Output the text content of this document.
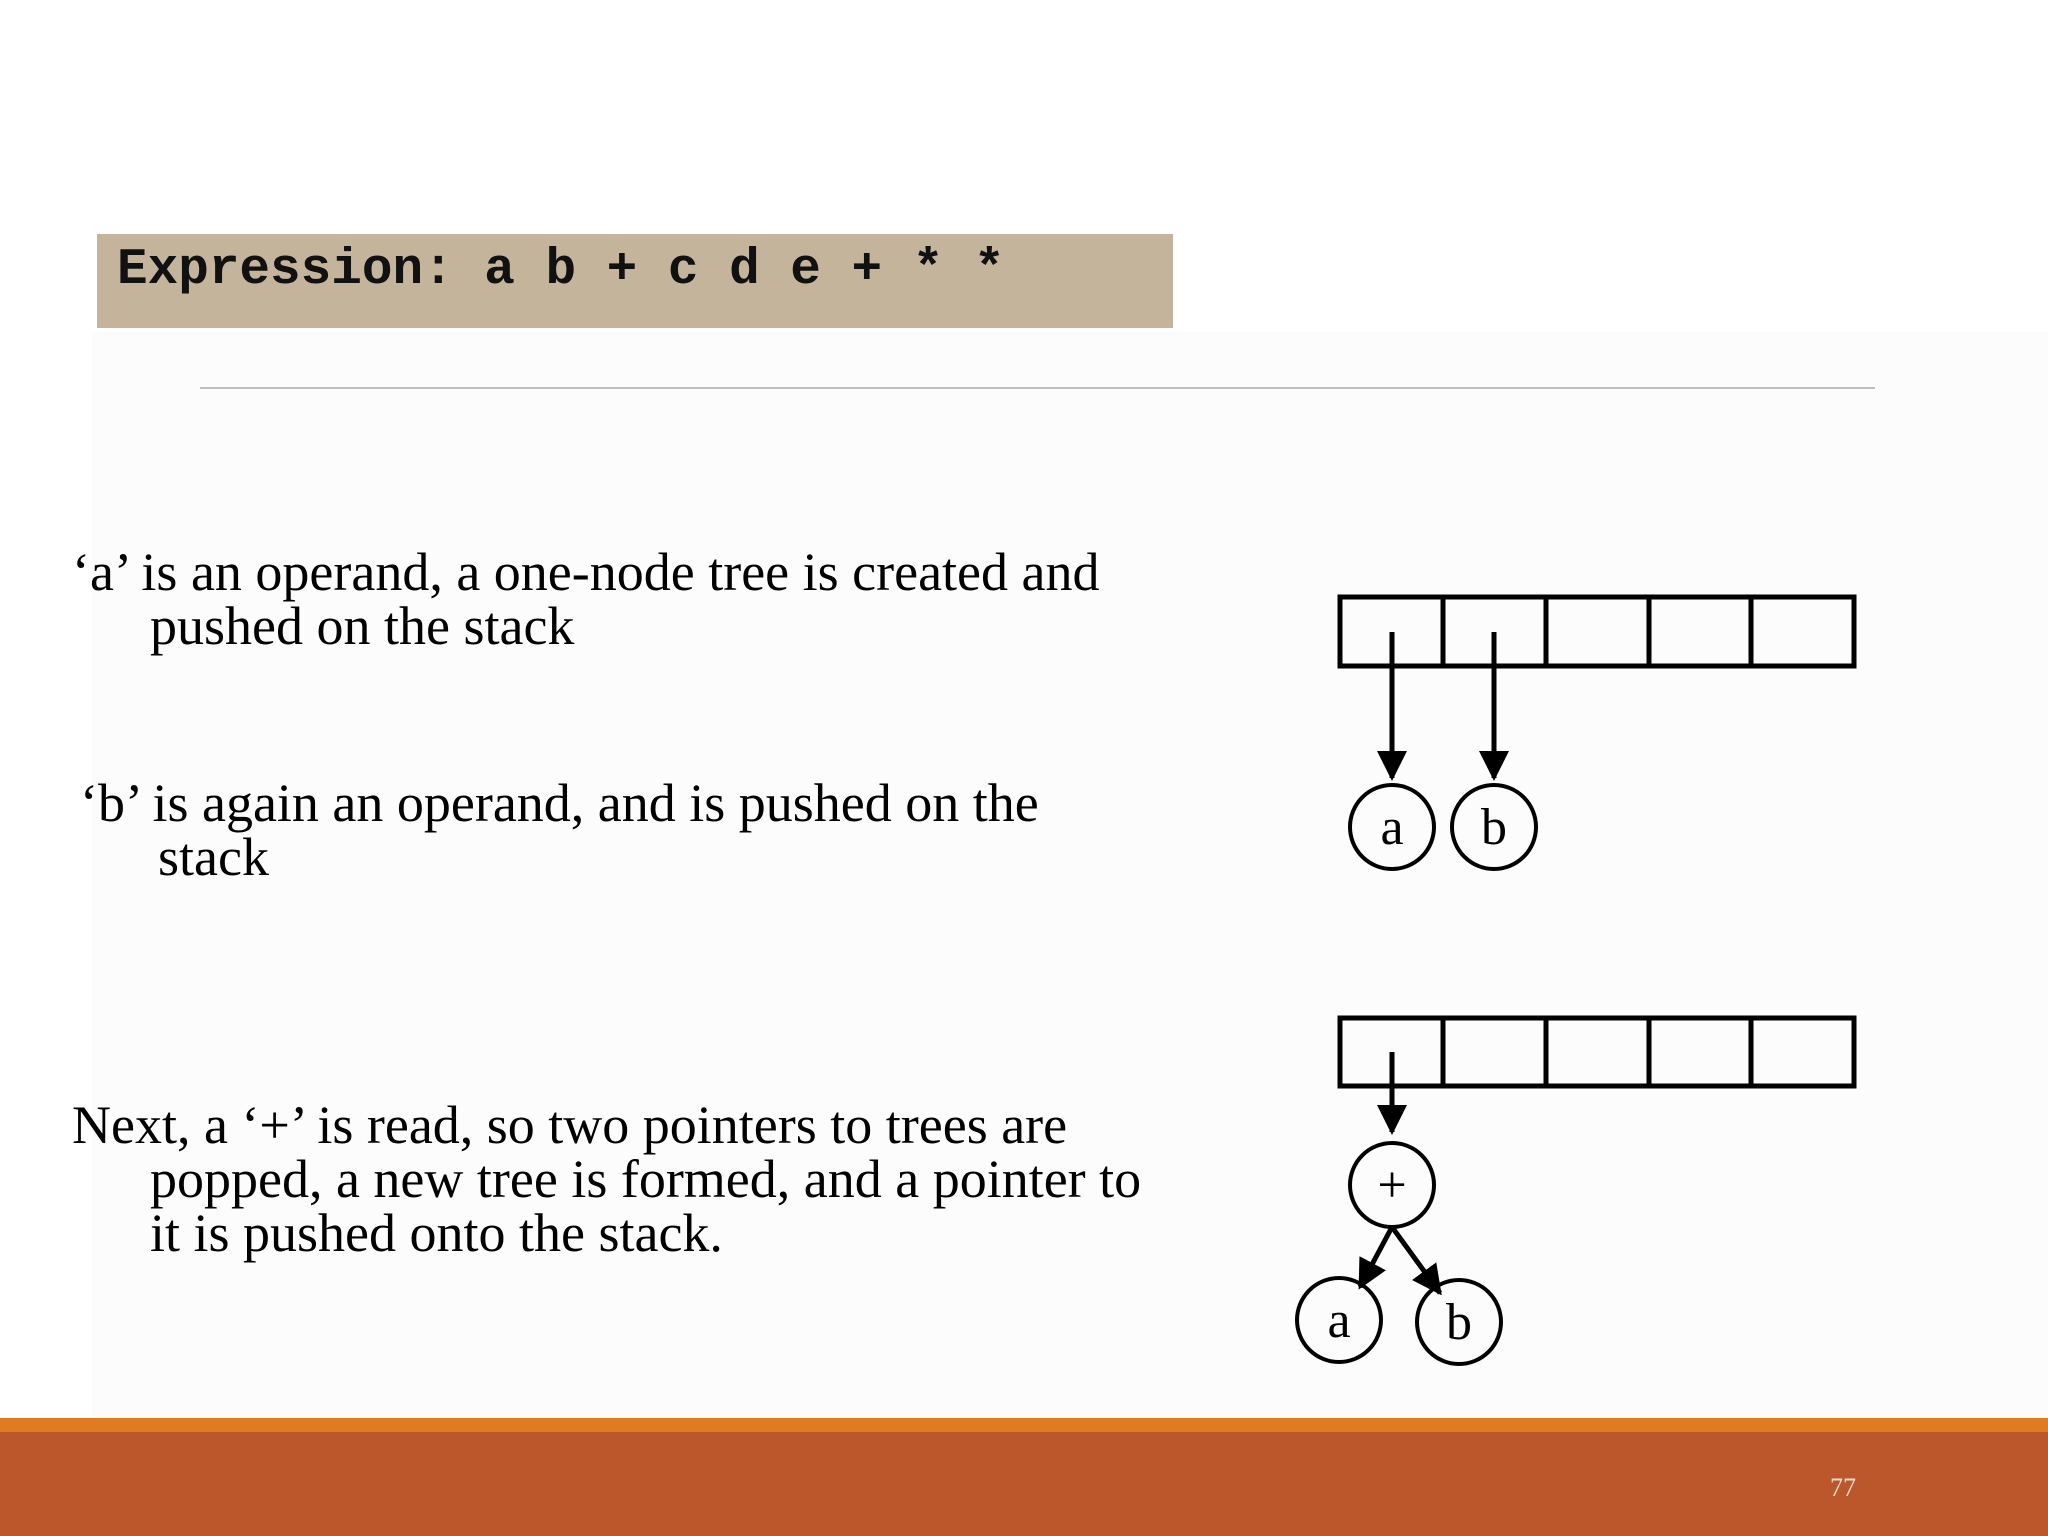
Expression: a b + c d e + * *
‘a’ is an operand, a one-node tree is created and
pushed on the stack
‘b’ is again an operand, and is pushed on the
stack
Next, a ‘+’ is read, so two pointers to trees are
popped, a new tree is formed, and a pointer to
it is pushed onto the stack.
a b
+
a b
77
